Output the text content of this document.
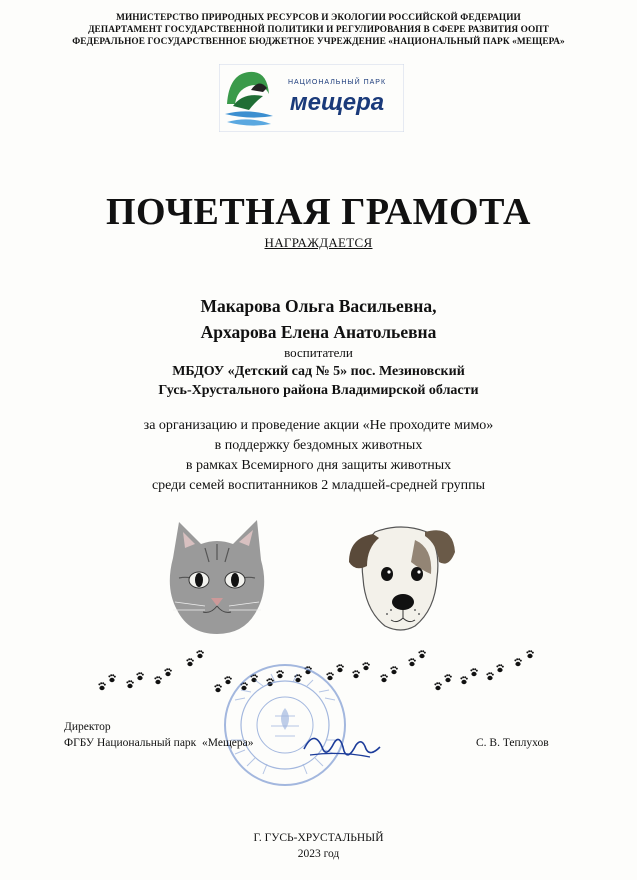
МИНИСТЕРСТВО ПРИРОДНЫХ РЕСУРСОВ И ЭКОЛОГИИ РОССИЙСКОЙ ФЕДЕРАЦИИ
ДЕПАРТАМЕНТ ГОСУДАРСТВЕННОЙ ПОЛИТИКИ И РЕГУЛИРОВАНИЯ В СФЕРЕ РАЗВИТИЯ ООПТ
ФЕДЕРАЛЬНОЕ ГОСУДАРСТВЕННОЕ БЮДЖЕТНОЕ УЧРЕЖДЕНИЕ «НАЦИОНАЛЬНЫЙ ПАРК «МЕЩЕРА»
НАЦИОНАЛЬНЫЙ ПАРК
мещера
ПОЧЕТНАЯ ГРАМОТА
НАГРАЖДАЕТСЯ
Макарова Ольга Васильевна,
Архарова Елена Анатольевна
воспитатели
МБДОУ «Детский сад № 5» пос. Мезиновский
Гусь-Хрустального района Владимирской области
за организацию и проведение акции «Не проходите мимо»
в поддержку бездомных животных
в рамках Всемирного дня защиты животных
среди семей воспитанников 2 младшей-средней группы
Директор
ФГБУ Национальный парк  «Мещера»	С. В. Теплухов
Г. ГУСЬ-ХРУСТАЛЬНЫЙ
2023 год
